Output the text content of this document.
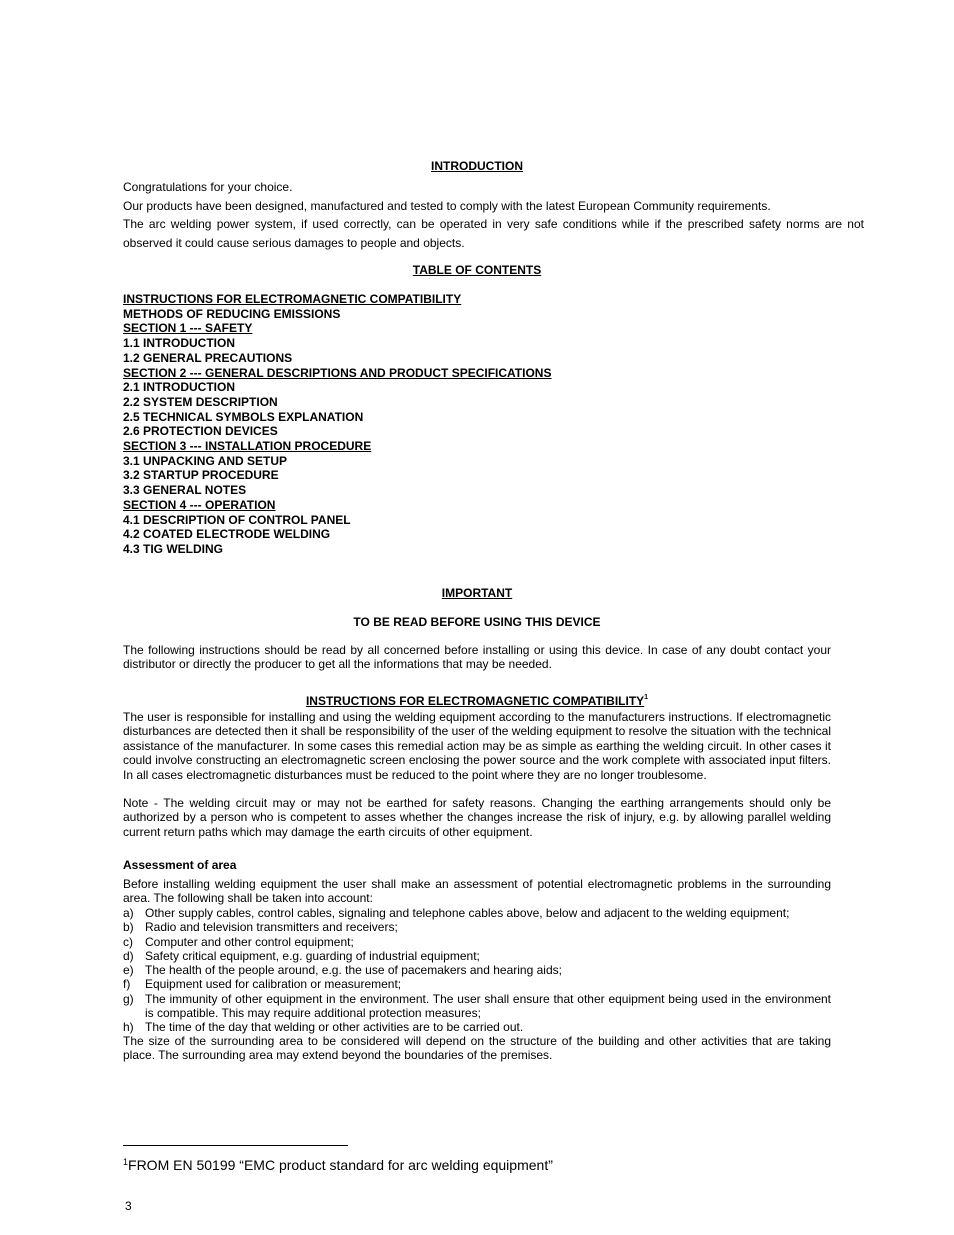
INTRODUCTION
Congratulations for your choice.
Our products have been designed, manufactured and tested to comply with the latest European Community requirements.
The arc welding power system, if used correctly, can be operated in very safe conditions while if the prescribed safety norms are not observed it could cause serious damages to people and objects.
TABLE OF CONTENTS
INSTRUCTIONS FOR ELECTROMAGNETIC COMPATIBILITY
METHODS OF REDUCING EMISSIONS
SECTION 1 --- SAFETY
1.1 INTRODUCTION
1.2 GENERAL PRECAUTIONS
SECTION 2 --- GENERAL DESCRIPTIONS AND PRODUCT SPECIFICATIONS
2.1 INTRODUCTION
2.2 SYSTEM DESCRIPTION
2.5 TECHNICAL SYMBOLS EXPLANATION
2.6 PROTECTION DEVICES
SECTION 3 --- INSTALLATION PROCEDURE
3.1 UNPACKING AND SETUP
3.2 STARTUP PROCEDURE
3.3 GENERAL NOTES
SECTION 4 --- OPERATION
4.1 DESCRIPTION OF CONTROL PANEL
4.2 COATED ELECTRODE WELDING
4.3 TIG WELDING
IMPORTANT
TO BE READ BEFORE USING THIS DEVICE
The following instructions should be read by all concerned before installing or using this device. In case of any doubt contact your distributor or directly the producer to get all the informations that may be needed.
INSTRUCTIONS FOR ELECTROMAGNETIC COMPATIBILITY$^1$
The user is responsible for installing and using the welding equipment according to the manufacturers instructions. If electromagnetic disturbances are detected then it shall be responsibility of the user of the welding equipment to resolve the situation with the technical assistance of the manufacturer. In some cases this remedial action may be as simple as earthing the welding circuit. In other cases it could involve constructing an electromagnetic screen enclosing the power source and the work complete with associated input filters. In all cases electromagnetic disturbances must be reduced to the point where they are no longer troublesome.
Note - The welding circuit may or may not be earthed for safety reasons. Changing the earthing arrangements should only be authorized by a person who is competent to asses whether the changes increase the risk of injury, e.g. by allowing parallel welding current return paths which may damage the earth circuits of other equipment.
Assessment of area
Before installing welding equipment the user shall make an assessment of potential electromagnetic problems in the surrounding area. The following shall be taken into account:
a) Other supply cables, control cables, signaling and telephone cables above, below and adjacent to the welding equipment;
b) Radio and television transmitters and receivers;
c)	Computer and other control equipment;
d) Safety critical equipment, e.g. guarding of industrial equipment;
e) The health of the people around, e.g. the use of pacemakers and hearing aids;
f)	Equipment used for calibration or measurement;
g) The immunity of other equipment in the environment. The user shall ensure that other equipment being used in the environment is compatible. This may require additional protection measures;
h) The time of the day that welding or other activities are to be carried out.
The size of the surrounding area to be considered will depend on the structure of the building and other activities that are taking place. The surrounding area may extend beyond the boundaries of the premises.
$^1$FROM EN 50199 “EMC product standard for arc welding equipment”
3
